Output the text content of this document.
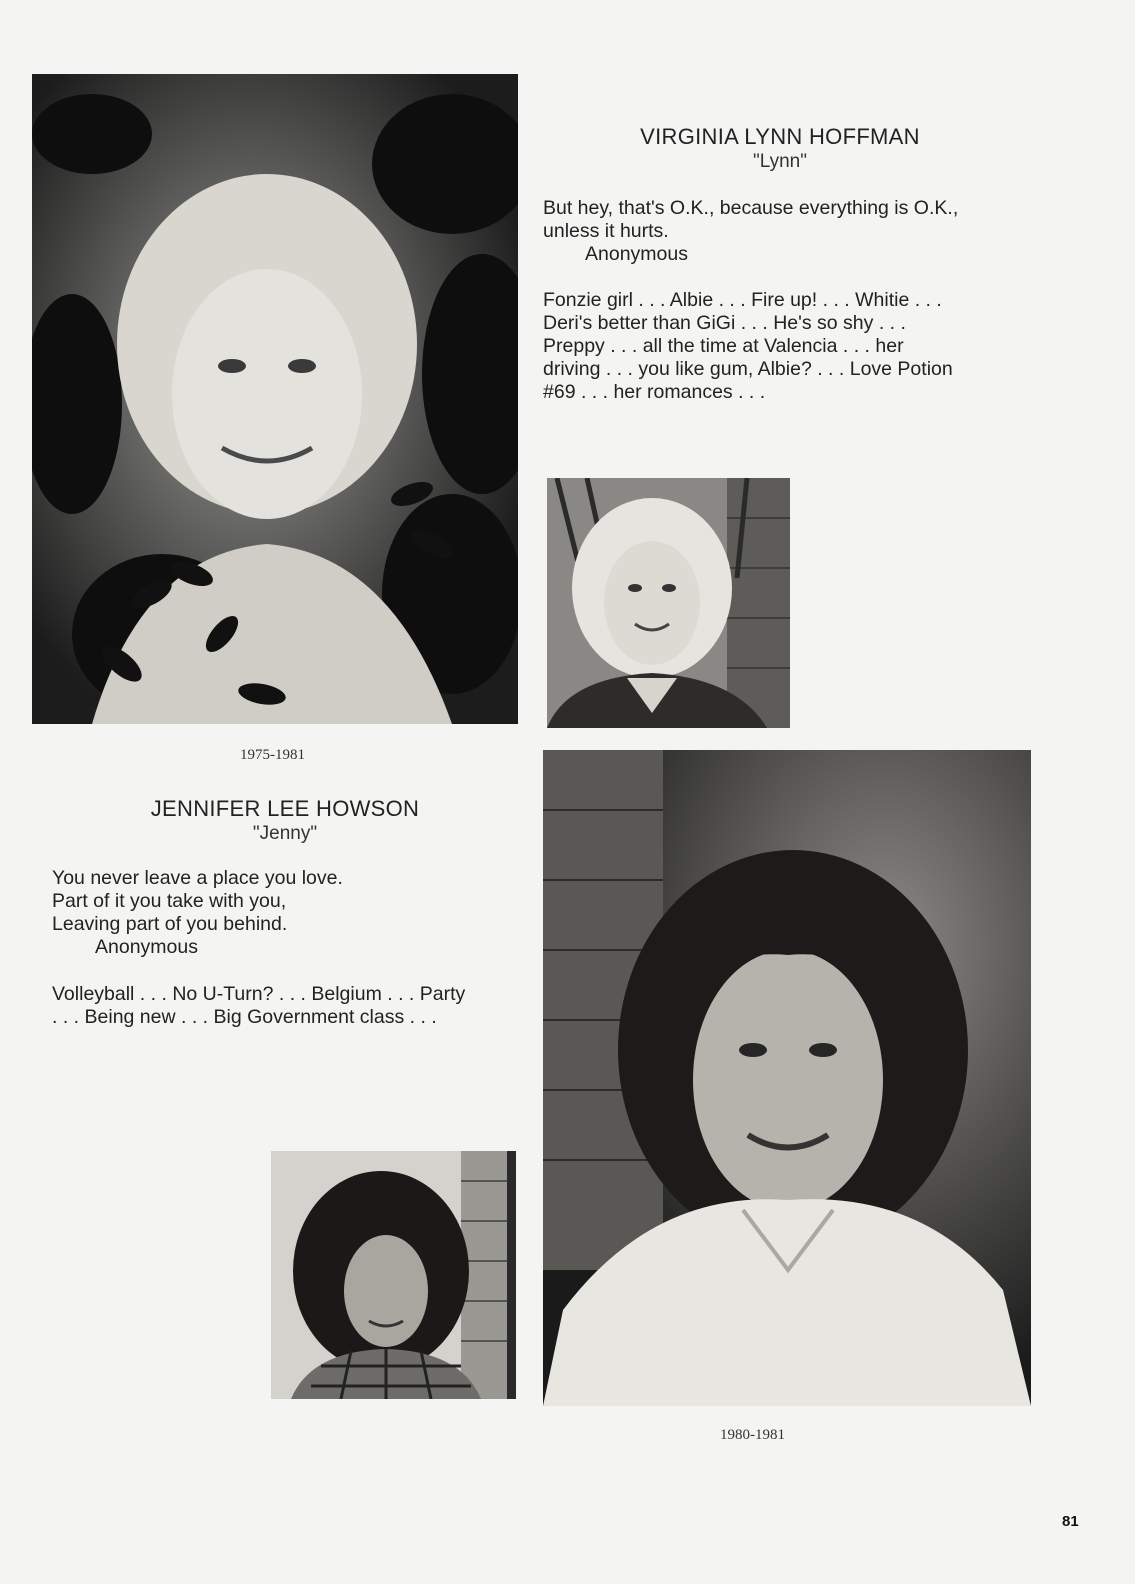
VIRGINIA LYNN HOFFMAN
"Lynn"
But hey, that's O.K., because everything is O.K.,
unless it hurts.
Anonymous
Fonzie girl . . . Albie . . . Fire up! . . . Whitie . . .
Deri's better than GiGi . . . He's so shy . . .
Preppy . . . all the time at Valencia . . . her
driving . . . you like gum, Albie? . . . Love Potion
#69 . . . her romances . . .
1975-1981
JENNIFER LEE HOWSON
"Jenny"
You never leave a place you love.
Part of it you take with you,
Leaving part of you behind.
Anonymous
Volleyball . . . No U-Turn? . . . Belgium . . . Party
. . . Being new . . . Big Government class . . .
1980-1981
81
